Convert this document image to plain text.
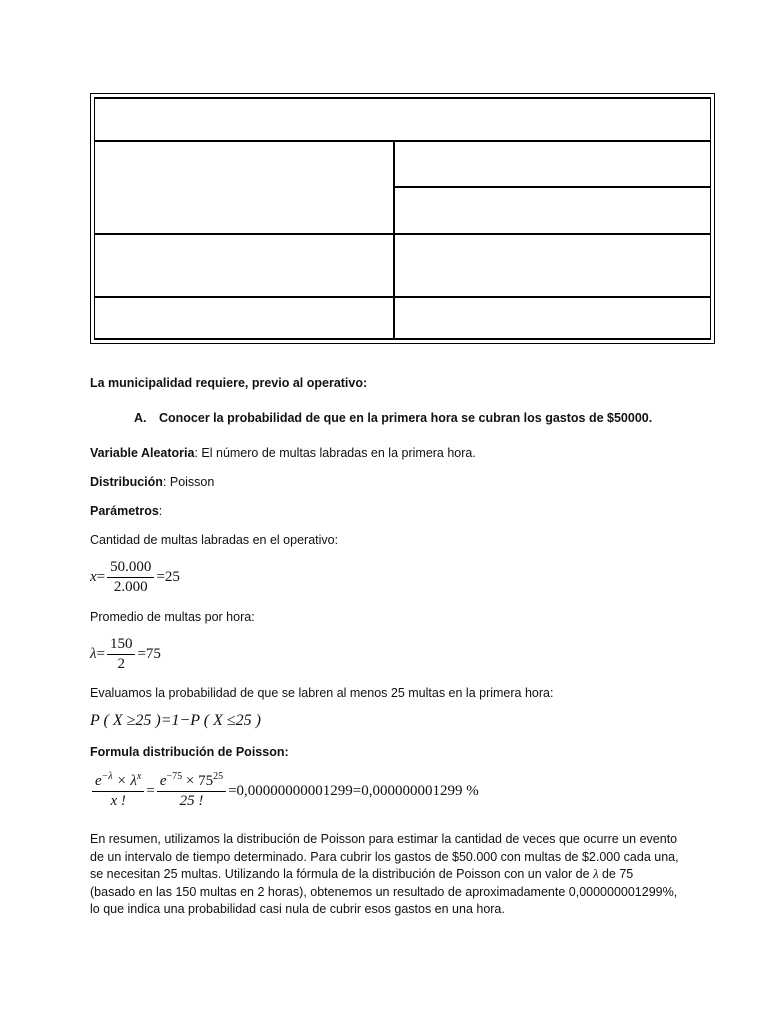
La municipalidad requiere, previo al operativo:
A. Conocer la probabilidad de que en la primera hora se cubran los gastos de $50000.
Variable Aleatoria: El número de multas labradas en la primera hora.
Distribución: Poisson
Parámetros:
Cantidad de multas labradas en el operativo:
$x = \frac{50.000}{2.000} =25$
Promedio de multas por hora:
$\lambda = \frac{150}{2} =75$
Evaluamos la probabilidad de que se labren al menos 25 multas en la primera hora:
P ( X ≥25 )=1−P ( X ≤25 )
Formula distribución de Poisson:
$\frac{e^{-\lambda} \times \lambda^x}{x !} = \frac{e^{-75} \times 75^{25}}{25 !} =0,00000000001299=0,000000001299$ %
En resumen, utilizamos la distribución de Poisson para estimar la cantidad de veces que ocurre un evento de un intervalo de tiempo determinado. Para cubrir los gastos de $50.000 con multas de $2.000 cada una, se necesitan 25 multas. Utilizando la fórmula de la distribución de Poisson con un valor de λ de 75 (basado en las 150 multas en 2 horas), obtenemos un resultado de aproximadamente 0,000000001299%, lo que indica una probabilidad casi nula de cubrir esos gastos en una hora.
